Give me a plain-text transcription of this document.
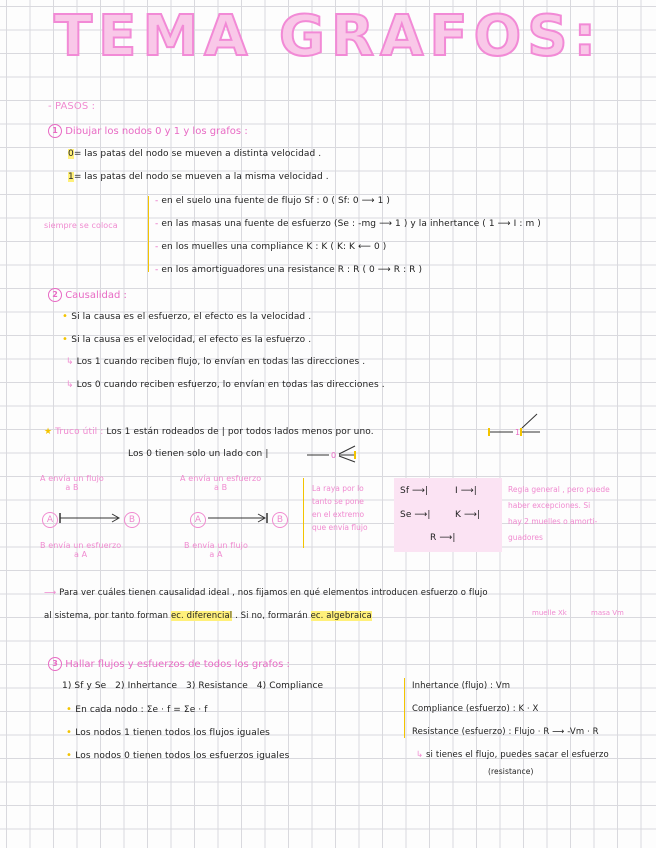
TEMA GRAFOS:
- PASOS :
1 Dibujar los nodos 0 y 1 y los grafos :
0= las patas del nodo se mueven a distinta velocidad .
1= las patas del nodo se mueven a la misma velocidad .
siempre se coloca
- en el suelo una fuente de flujo Sf : 0 ( Sf: 0 ⟶ 1 )
- en las masas una fuente de esfuerzo (Se : -mg ⟶ 1 ) y la inhertance ( 1 ⟶ I : m )
- en los muelles una compliance K : K ( K: K ⟵ 0 )
- en los amortiguadores una resistance R : R ( 0 ⟶ R : R )
2 Causalidad :
• Si la causa es el esfuerzo, el efecto es la velocidad .
• Si la causa es el velocidad, el efecto es la esfuerzo .
↳ Los 1 cuando reciben flujo, lo envían en todas las direcciones .
↳ Los 0 cuando reciben esfuerzo, lo envían en todas las direcciones .
★ Truco útil : Los 1 están rodeados de | por todos lados menos por uno.
Los 0 tienen solo un lado con |
1
0
A envía un flujo
a B
A envía un esfuerzo
a B
A	B	A	B
B envía un esfuerzo
a A
B envía un flujo
a A
La raya por lo
tanto se pone
en el extremo
que envía flujo
Sf ⟶|	I ⟶|
Se ⟶|	K ⟶|
R ⟶|
Regla general , pero puede
haber excepciones. Si
hay 2 muelles o amorti-
guadores
⟶ Para ver cuáles tienen causalidad ideal , nos fijamos en qué elementos introducen esfuerzo o flujo
al sistema, por tanto forman ec. diferencial . Si no, formarán ec. algebraica	muelle Xk	masa Vm
3 Hallar flujos y esfuerzos de todos los grafos :
1) Sf y Se 2) Inhertance 3) Resistance 4) Compliance
• En cada nodo : Σe ⋅ f = Σe ⋅ f
• Los nodos 1 tienen todos los flujos iguales
• Los nodos 0 tienen todos los esfuerzos iguales
Inhertance (flujo) : Vm
Compliance (esfuerzo) : K ⋅ X
Resistance (esfuerzo) : Flujo ⋅ R ⟶ -Vm ⋅ R
↳ si tienes el flujo, puedes sacar el esfuerzo
(resistance)
